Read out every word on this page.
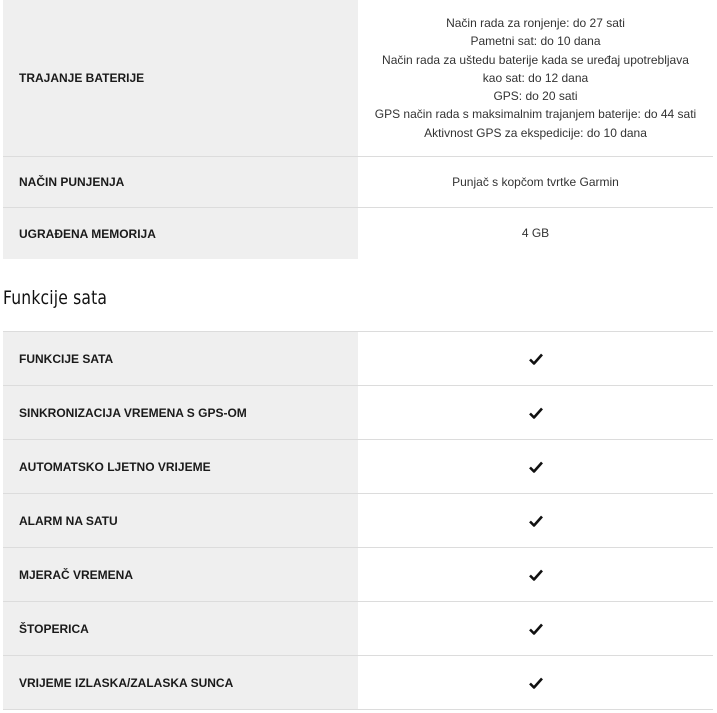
TRAJANJE BATERIJE
Način rada za ronjenje: do 27 sati
Pametni sat: do 10 dana
Način rada za uštedu baterije kada se uređaj upotrebljava
kao sat: do 12 dana
GPS: do 20 sati
GPS način rada s maksimalnim trajanjem baterije: do 44 sati
Aktivnost GPS za ekspedicije: do 10 dana
NAČIN PUNJENJA	Punjač s kopčom tvrtke Garmin
UGRAĐENA MEMORIJA	4 GB
Funkcije sata
FUNKCIJE SATA
SINKRONIZACIJA VREMENA S GPS-OM
AUTOMATSKO LJETNO VRIJEME
ALARM NA SATU
MJERAČ VREMENA
ŠTOPERICA
VRIJEME IZLASKA/ZALASKA SUNCA
